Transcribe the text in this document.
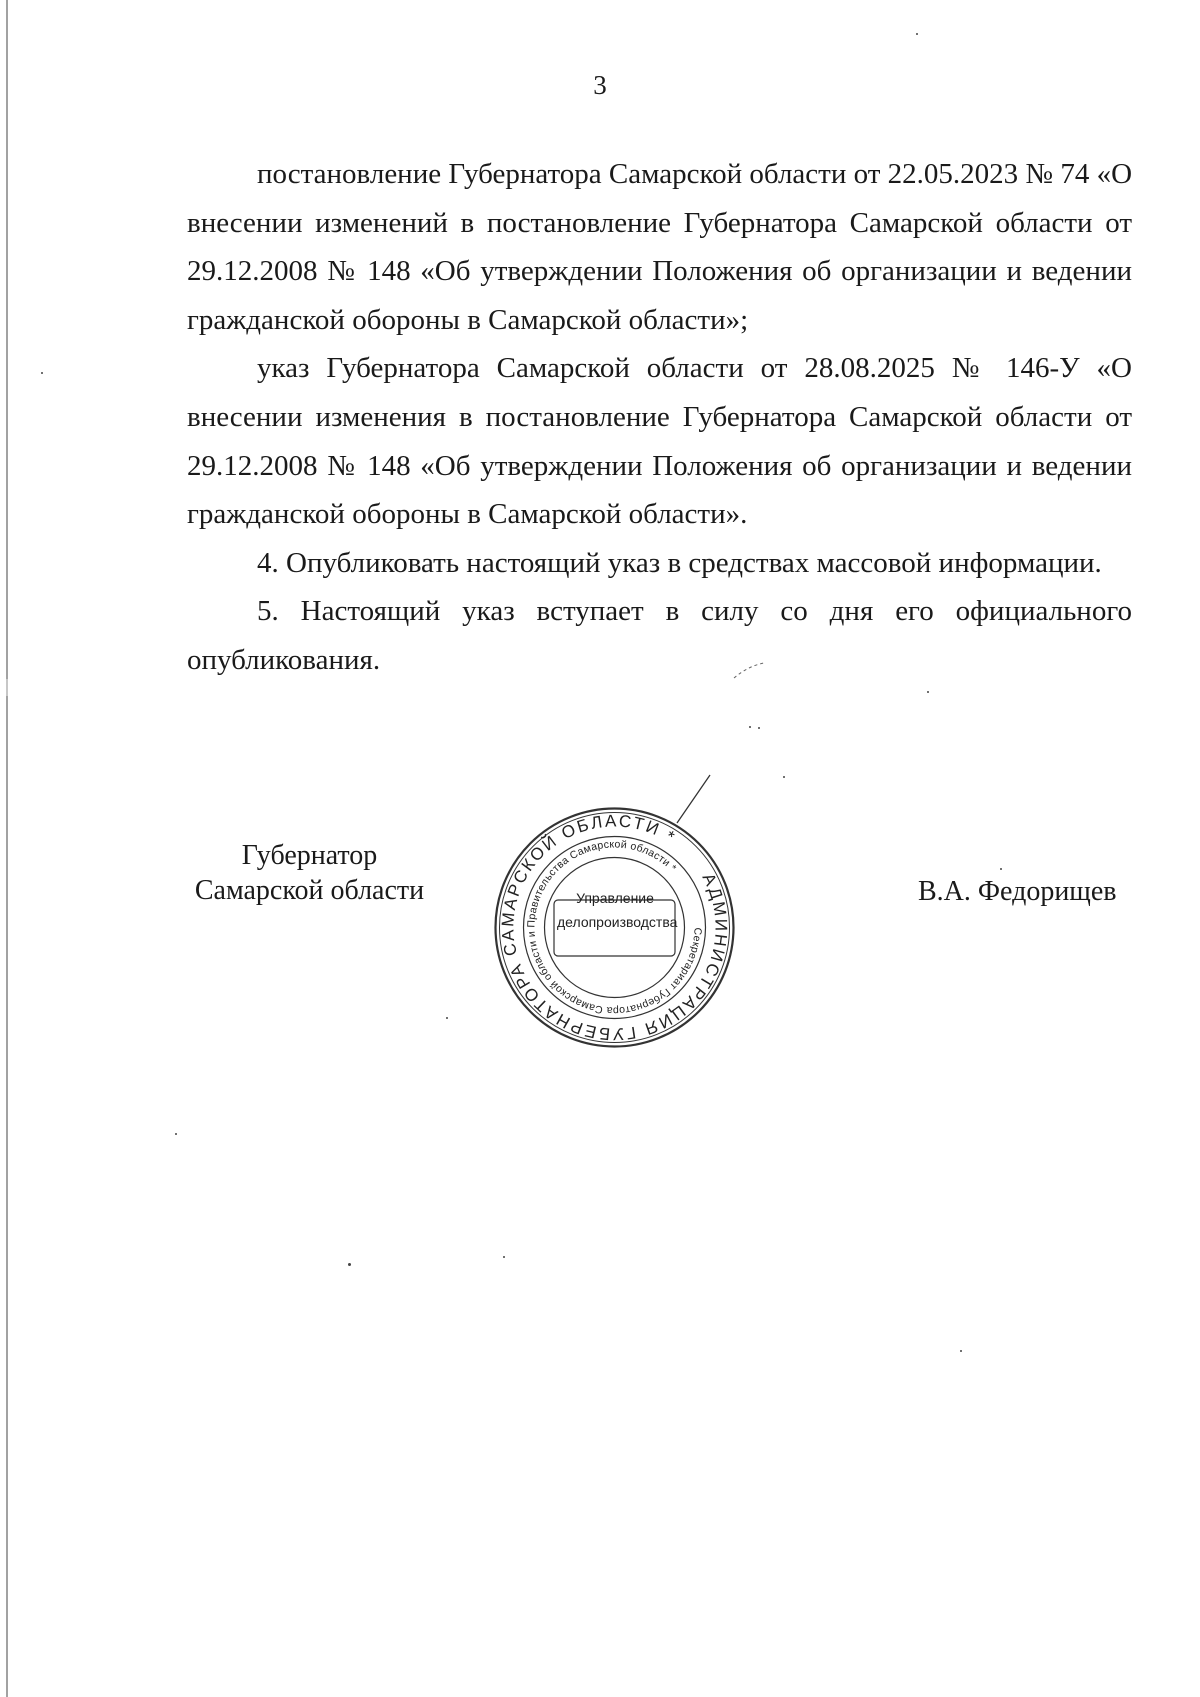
3

постановление Губернатора Самарской области от 22.05.2023 № 74 «О внесении изменений в постановление Губернатора Самарской области от 29.12.2008 № 148 «Об утверждении Положения об организации и ведении гражданской обороны в Самарской области»;

указ Губернатора Самарской области от 28.08.2025 № 146-У «О внесении изменения в постановление Губернатора Самарской области от 29.12.2008 № 148 «Об утверждении Положения об организации и ведении гражданской обороны в Самарской области».

4. Опубликовать настоящий указ в средствах массовой информации.

5. Настоящий указ вступает в силу со дня его официального опубликования.

Губернатор
Самарской области	АДМИНИСТРАЦИЯ ГУБЕРНАТОРА САМАРСКОЙ ОБЛАСТИ *
Секретариат Губернатора Самарской области и Правительства Самарской области *
Управление
делопроизводства
В.А. Федорищев
